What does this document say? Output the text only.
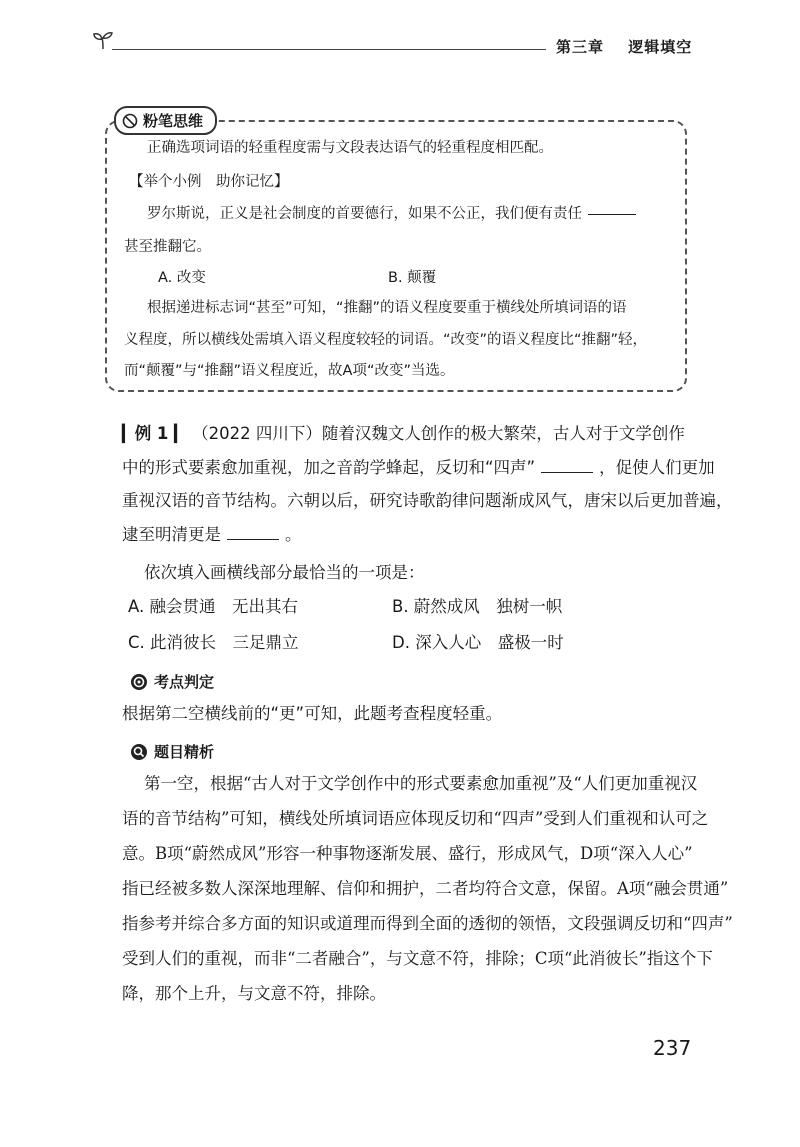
第三章 逻辑填空
粉笔思维
正确选项词语的轻重程度需与文段表达语气的轻重程度相匹配。
【举个小例　助你记忆】
罗尔斯说，正义是社会制度的首要德行，如果不公正，我们便有责任
甚至推翻它。
A. 改变	B. 颠覆
根据递进标志词“甚至”可知，“推翻”的语义程度要重于横线处所填词语的语
义程度，所以横线处需填入语义程度较轻的词语。“改变”的语义程度比“推翻”轻，
而“颠覆”与“推翻”语义程度近，故A项“改变”当选。
▎例 1 ▎ （2022 四川下）随着汉魏文人创作的极大繁荣，古人对于文学创作
中的形式要素愈加重视，加之音韵学蜂起，反切和“四声”	，促使人们更加
重视汉语的音节结构。六朝以后，研究诗歌韵律问题渐成风气，唐宋以后更加普遍，
逮至明清更是	。
依次填入画横线部分最恰当的一项是：
A. 融会贯通　无出其右	B. 蔚然成风　独树一帜
C. 此消彼长　三足鼎立	D. 深入人心　盛极一时
考点判定
根据第二空横线前的“更”可知，此题考查程度轻重。
题目精析
第一空，根据“古人对于文学创作中的形式要素愈加重视”及“人们更加重视汉
语的音节结构”可知，横线处所填词语应体现反切和“四声”受到人们重视和认可之
意。B项“蔚然成风”形容一种事物逐渐发展、盛行，形成风气，D项“深入人心”
指已经被多数人深深地理解、信仰和拥护，二者均符合文意，保留。A项“融会贯通”
指参考并综合多方面的知识或道理而得到全面的透彻的领悟，文段强调反切和“四声”
受到人们的重视，而非“二者融合”，与文意不符，排除；C项“此消彼长”指这个下
降，那个上升，与文意不符，排除。
237
